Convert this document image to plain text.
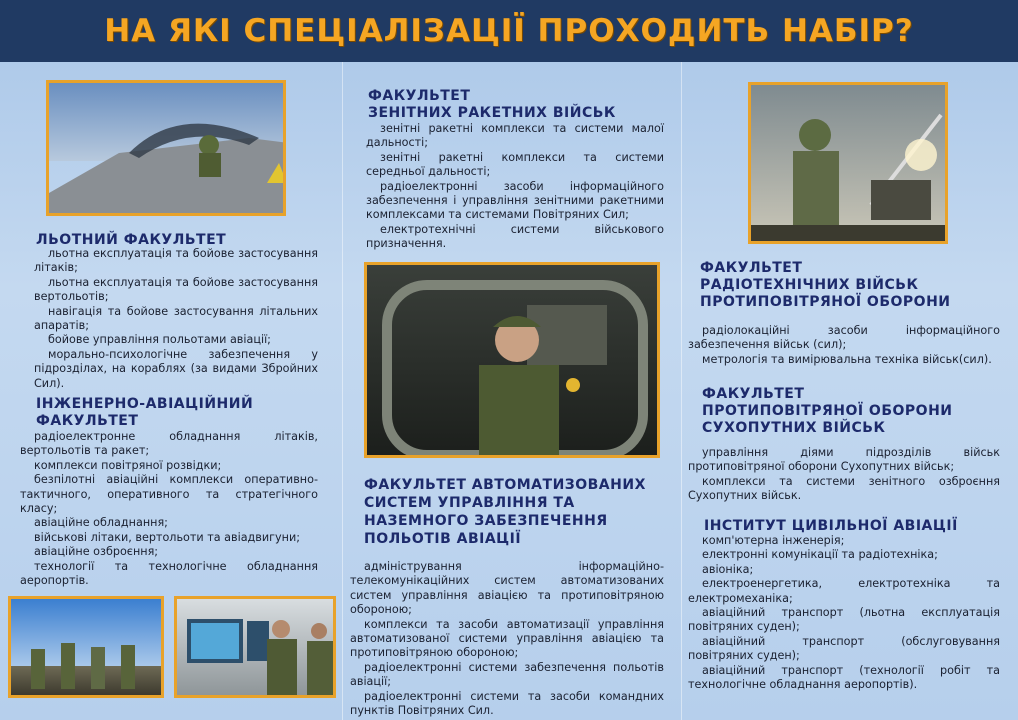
НА ЯКІ СПЕЦІАЛІЗАЦІЇ ПРОХОДИТЬ НАБІР?
ЛЬОТНИЙ ФАКУЛЬТЕТ

льотна експлуатація та бойове застосування літаків;

льотна експлуатація та бойове застосування вертольотів;

навігація та бойове застосування літальних апаратів;

бойове управління польотами авіації;

морально-психологічне забезпечення у підрозділах, на кораблях (за видами Збройних Сил).

ІНЖЕНЕРНО-АВІАЦІЙНИЙ
ФАКУЛЬТЕТ

радіоелектронне обладнання літаків, вертольотів та ракет;

комплекси повітряної розвідки;

безпілотні авіаційні комплекси оперативно-тактичного, оперативного та стратегічного класу;

авіаційне обладнання;

військові літаки, вертольоти та авіадвигуни;

авіаційне озброєння;

технології та технологічне обладнання аеропортів.

ФАКУЛЬТЕТ
ЗЕНІТНИХ РАКЕТНИХ ВІЙСЬК

зенітні ракетні комплекси та системи малої дальності;

зенітні ракетні комплекси та системи середньої дальності;

радіоелектронні засоби інформаційного забезпечення і управління зенітними ракетними комплексами та системами Повітряних Сил;

електротехнічні системи військового призначення.

ФАКУЛЬТЕТ АВТОМАТИЗОВАНИХ
СИСТЕМ УПРАВЛІННЯ ТА
НАЗЕМНОГО ЗАБЕЗПЕЧЕННЯ
ПОЛЬОТІВ АВІАЦІЇ

адміністрування інформаційно-телекомунікаційних систем автоматизованих систем управління авіацією та протиповітряною обороною;

комплекси та засоби автоматизації управління автоматизованої системи управління авіацією та протиповітряною обороною;

радіоелектронні системи забезпечення польотів авіації;

радіоелектронні системи та засоби командних пунктів Повітряних Сил.

ФАКУЛЬТЕТ
РАДІОТЕХНІЧНИХ ВІЙСЬК
ПРОТИПОВІТРЯНОЇ ОБОРОНИ

радіолокаційні засоби інформаційного забезпечення військ (сил);

метрологія та вимірювальна техніка військ(сил).

ФАКУЛЬТЕТ
ПРОТИПОВІТРЯНОЇ ОБОРОНИ
СУХОПУТНИХ ВІЙСЬК

управління діями підрозділів військ протиповітряної оборони Сухопутних військ;

комплекси та системи зенітного озброєння Сухопутних військ.

ІНСТИТУТ ЦИВІЛЬНОЇ АВІАЦІЇ

комп'ютерна інженерія;

електронні комунікації та радіотехніка;

авіоніка;

електроенергетика, електротехніка та електромеханіка;

авіаційний транспорт (льотна експлуатація повітряних суден);

авіаційний транспорт (обслуговування повітряних суден);

авіаційний транспорт (технології робіт та технологічне обладнання аеропортів).
